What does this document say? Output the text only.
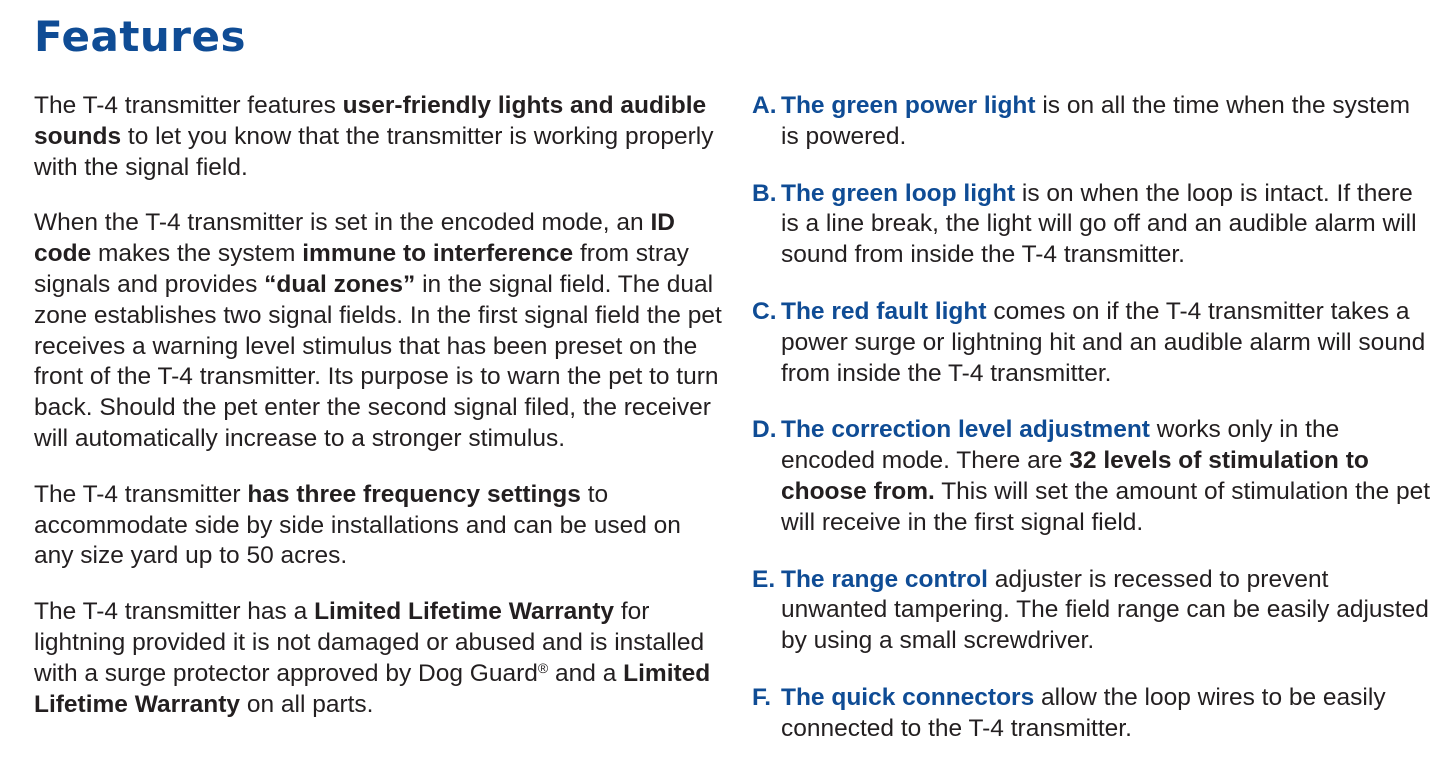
Features

The T-4 transmitter features user-friendly lights and audible sounds to let you know that the transmitter is working properly with the signal field.

When the T-4 transmitter is set in the encoded mode, an ID code makes the system immune to interference from stray signals and provides “dual zones” in the signal field. The dual zone establishes two signal fields. In the first signal field the pet receives a warning level stimulus that has been preset on the front of the T-4 transmitter. Its purpose is to warn the pet to turn back. Should the pet enter the second signal filed, the receiver will automatically increase to a stronger stimulus.

The T-4 transmitter has three frequency settings to accommodate side by side installations and can be used on any size yard up to 50 acres.

The T-4 transmitter has a Limited Lifetime Warranty for lightning provided it is not damaged or abused and is installed with a surge protector approved by Dog Guard® and a Limited Lifetime Warranty on all parts.

A. The green power light is on all the time when the system is powered.
B. The green loop light is on when the loop is intact. If there is a line break, the light will go off and an audible alarm will sound from inside the T-4 transmitter.
C. The red fault light comes on if the T-4 transmitter takes a power surge or lightning hit and an audible alarm will sound from inside the T-4 transmitter.
D. The correction level adjustment works only in the encoded mode. There are 32 levels of stimulation to choose from. This will set the amount of stimulation the pet will receive in the first signal field.
E. The range control adjuster is recessed to prevent unwanted tampering. The field range can be easily adjusted by using a small screwdriver.
F. The quick connectors allow the loop wires to be easily connected to the T-4 transmitter.
